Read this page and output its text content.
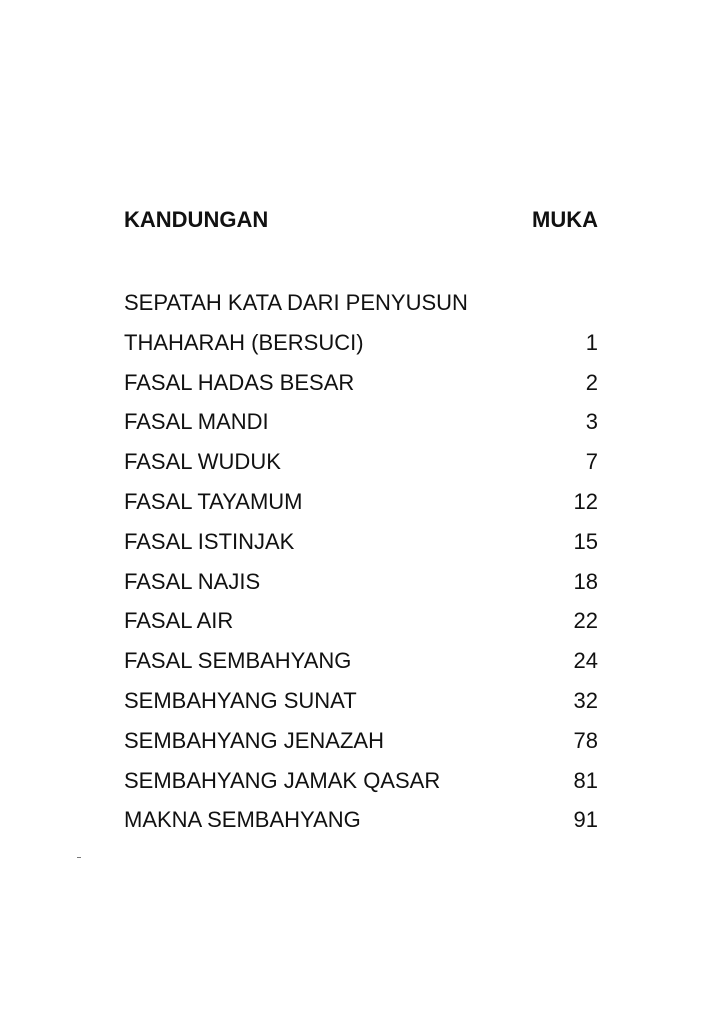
KANDUNGAN	MUKA
SEPATAH KATA DARI PENYUSUN
THAHARAH (BERSUCI)	1
FASAL HADAS BESAR	2
FASAL MANDI	3
FASAL WUDUK	7
FASAL TAYAMUM	12
FASAL ISTINJAK	15
FASAL NAJIS	18
FASAL AIR	22
FASAL SEMBAHYANG	24
SEMBAHYANG SUNAT	32
SEMBAHYANG JENAZAH	78
SEMBAHYANG JAMAK QASAR	81
MAKNA SEMBAHYANG	91
